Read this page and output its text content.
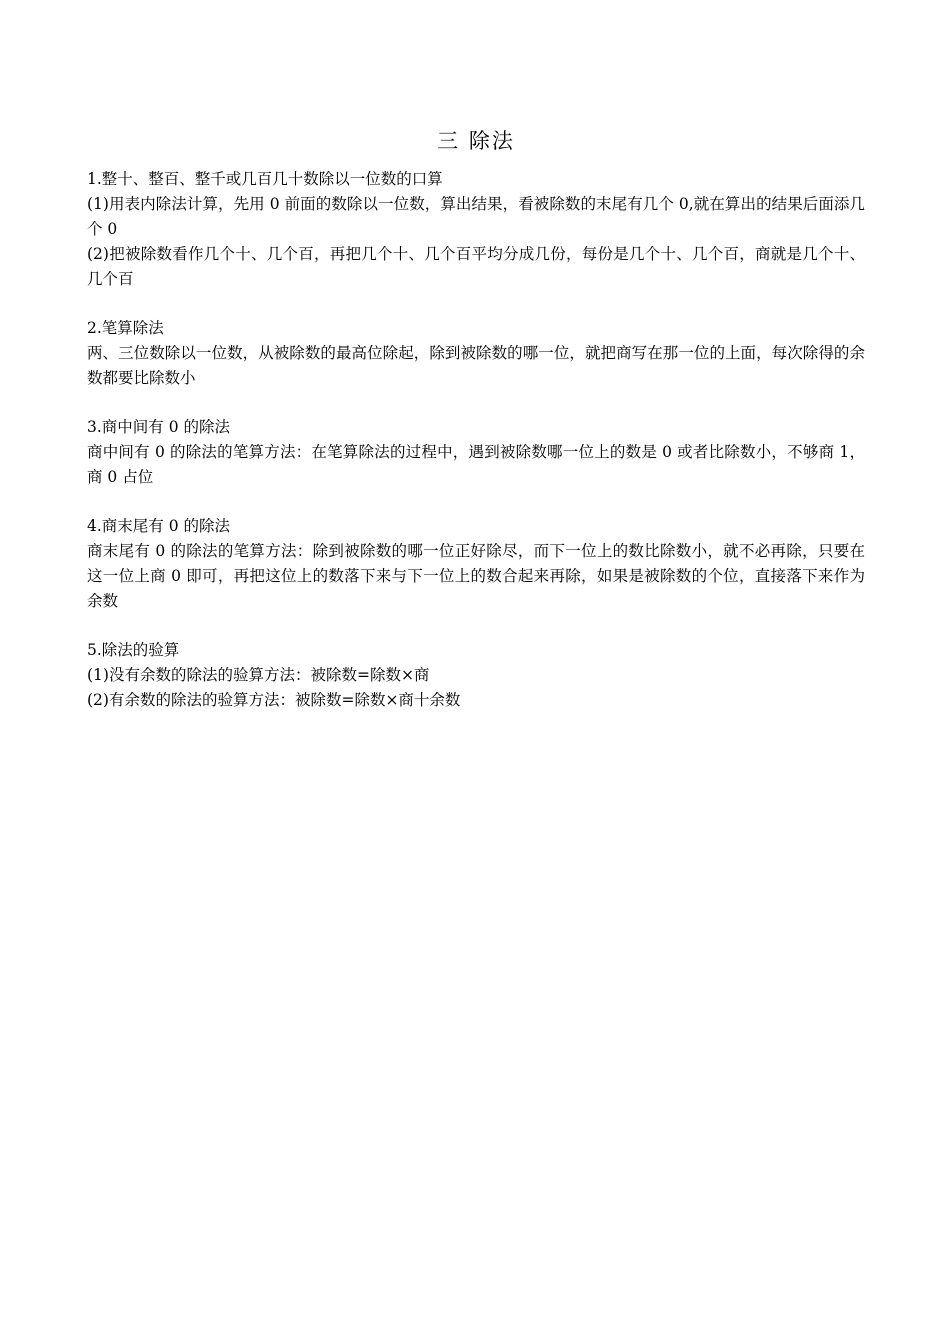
三 除法

1.整十、整百、整千或几百几十数除以一位数的口算

(1)用表内除法计算，先用 0 前面的数除以一位数，算出结果，看被除数的末尾有几个 0,就在算出的结果后面添几个 0

(2)把被除数看作几个十、几个百，再把几个十、几个百平均分成几份，每份是几个十、几个百，商就是几个十、几个百

2.笔算除法

两、三位数除以一位数，从被除数的最高位除起，除到被除数的哪一位，就把商写在那一位的上面，每次除得的余数都要比除数小

3.商中间有 0 的除法

商中间有 0 的除法的笔算方法：在笔算除法的过程中，遇到被除数哪一位上的数是 0 或者比除数小，不够商 1，商 0 占位

4.商末尾有 0 的除法

商末尾有 0 的除法的笔算方法：除到被除数的哪一位正好除尽，而下一位上的数比除数小，就不必再除，只要在这一位上商 0 即可，再把这位上的数落下来与下一位上的数合起来再除，如果是被除数的个位，直接落下来作为余数

5.除法的验算

(1)没有余数的除法的验算方法：被除数=除数×商

(2)有余数的除法的验算方法：被除数=除数×商十余数
